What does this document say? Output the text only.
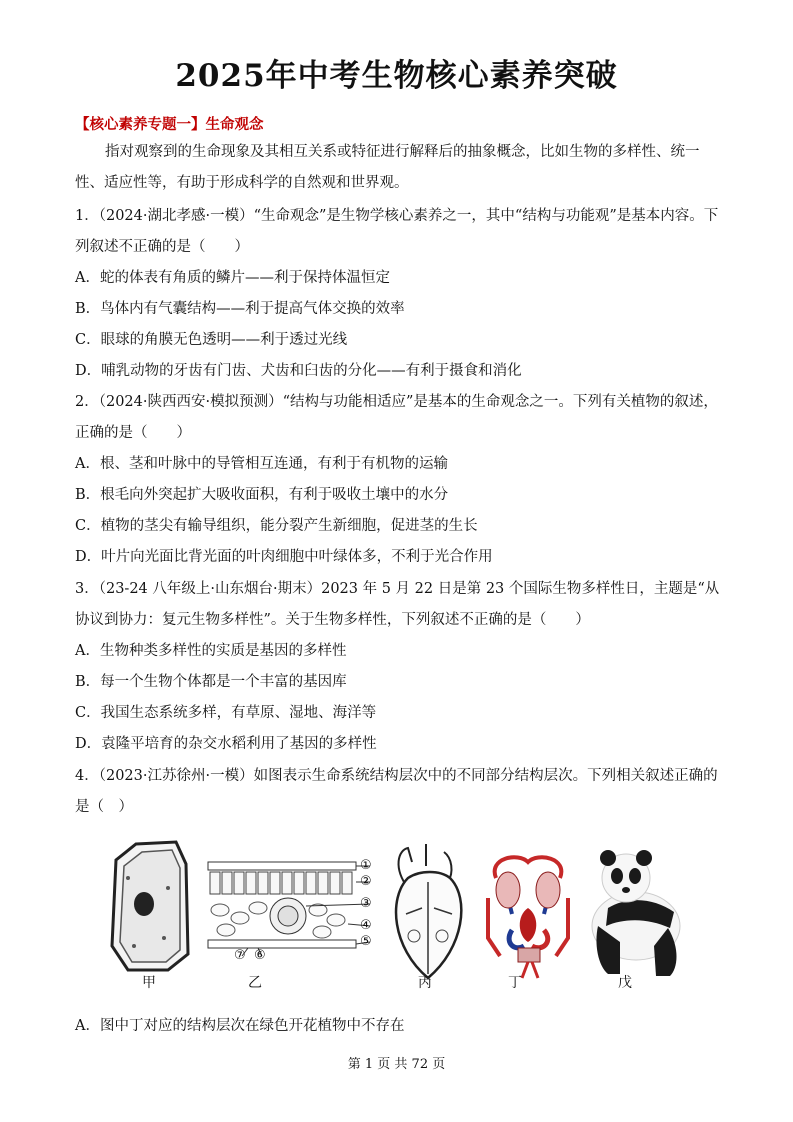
2025年中考生物核心素养突破
【核心素养专题一】生命观念
指对观察到的生命现象及其相互关系或特征进行解释后的抽象概念，比如生物的多样性、统一性、适应性等，有助于形成科学的自然观和世界观。
1．（2024·湖北孝感·一模）“生命观念”是生物学核心素养之一，其中“结构与功能观”是基本内容。下列叙述不正确的是（　　）
A．蛇的体表有角质的鳞片——利于保持体温恒定
B．鸟体内有气囊结构——利于提高气体交换的效率
C．眼球的角膜无色透明——利于透过光线
D．哺乳动物的牙齿有门齿、犬齿和臼齿的分化——有利于摄食和消化
2．（2024·陕西西安·模拟预测）“结构与功能相适应”是基本的生命观念之一。下列有关植物的叙述，正确的是（　　）
A．根、茎和叶脉中的导管相互连通，有利于有机物的运输
B．根毛向外突起扩大吸收面积，有利于吸收土壤中的水分
C．植物的茎尖有输导组织，能分裂产生新细胞，促进茎的生长
D．叶片向光面比背光面的叶肉细胞中叶绿体多，不利于光合作用
3．（23-24 八年级上·山东烟台·期末）2023 年 5 月 22 日是第 23 个国际生物多样性日，主题是“从协议到协力：复元生物多样性”。关于生物多样性，下列叙述不正确的是（　　）
A．生物种类多样性的实质是基因的多样性
B．每一个生物个体都是一个丰富的基因库
C．我国生态系统多样，有草原、湿地、海洋等
D．袁隆平培育的杂交水稻利用了基因的多样性
4．（2023·江苏徐州·一模）如图表示生命系统结构层次中的不同部分结构层次。下列相关叙述正确的是（　）
甲	乙	丙	丁	戊
①
②
③
④
⑤
⑥
⑦
A．图中丁对应的结构层次在绿色开花植物中不存在
第 1 页 共 72 页
